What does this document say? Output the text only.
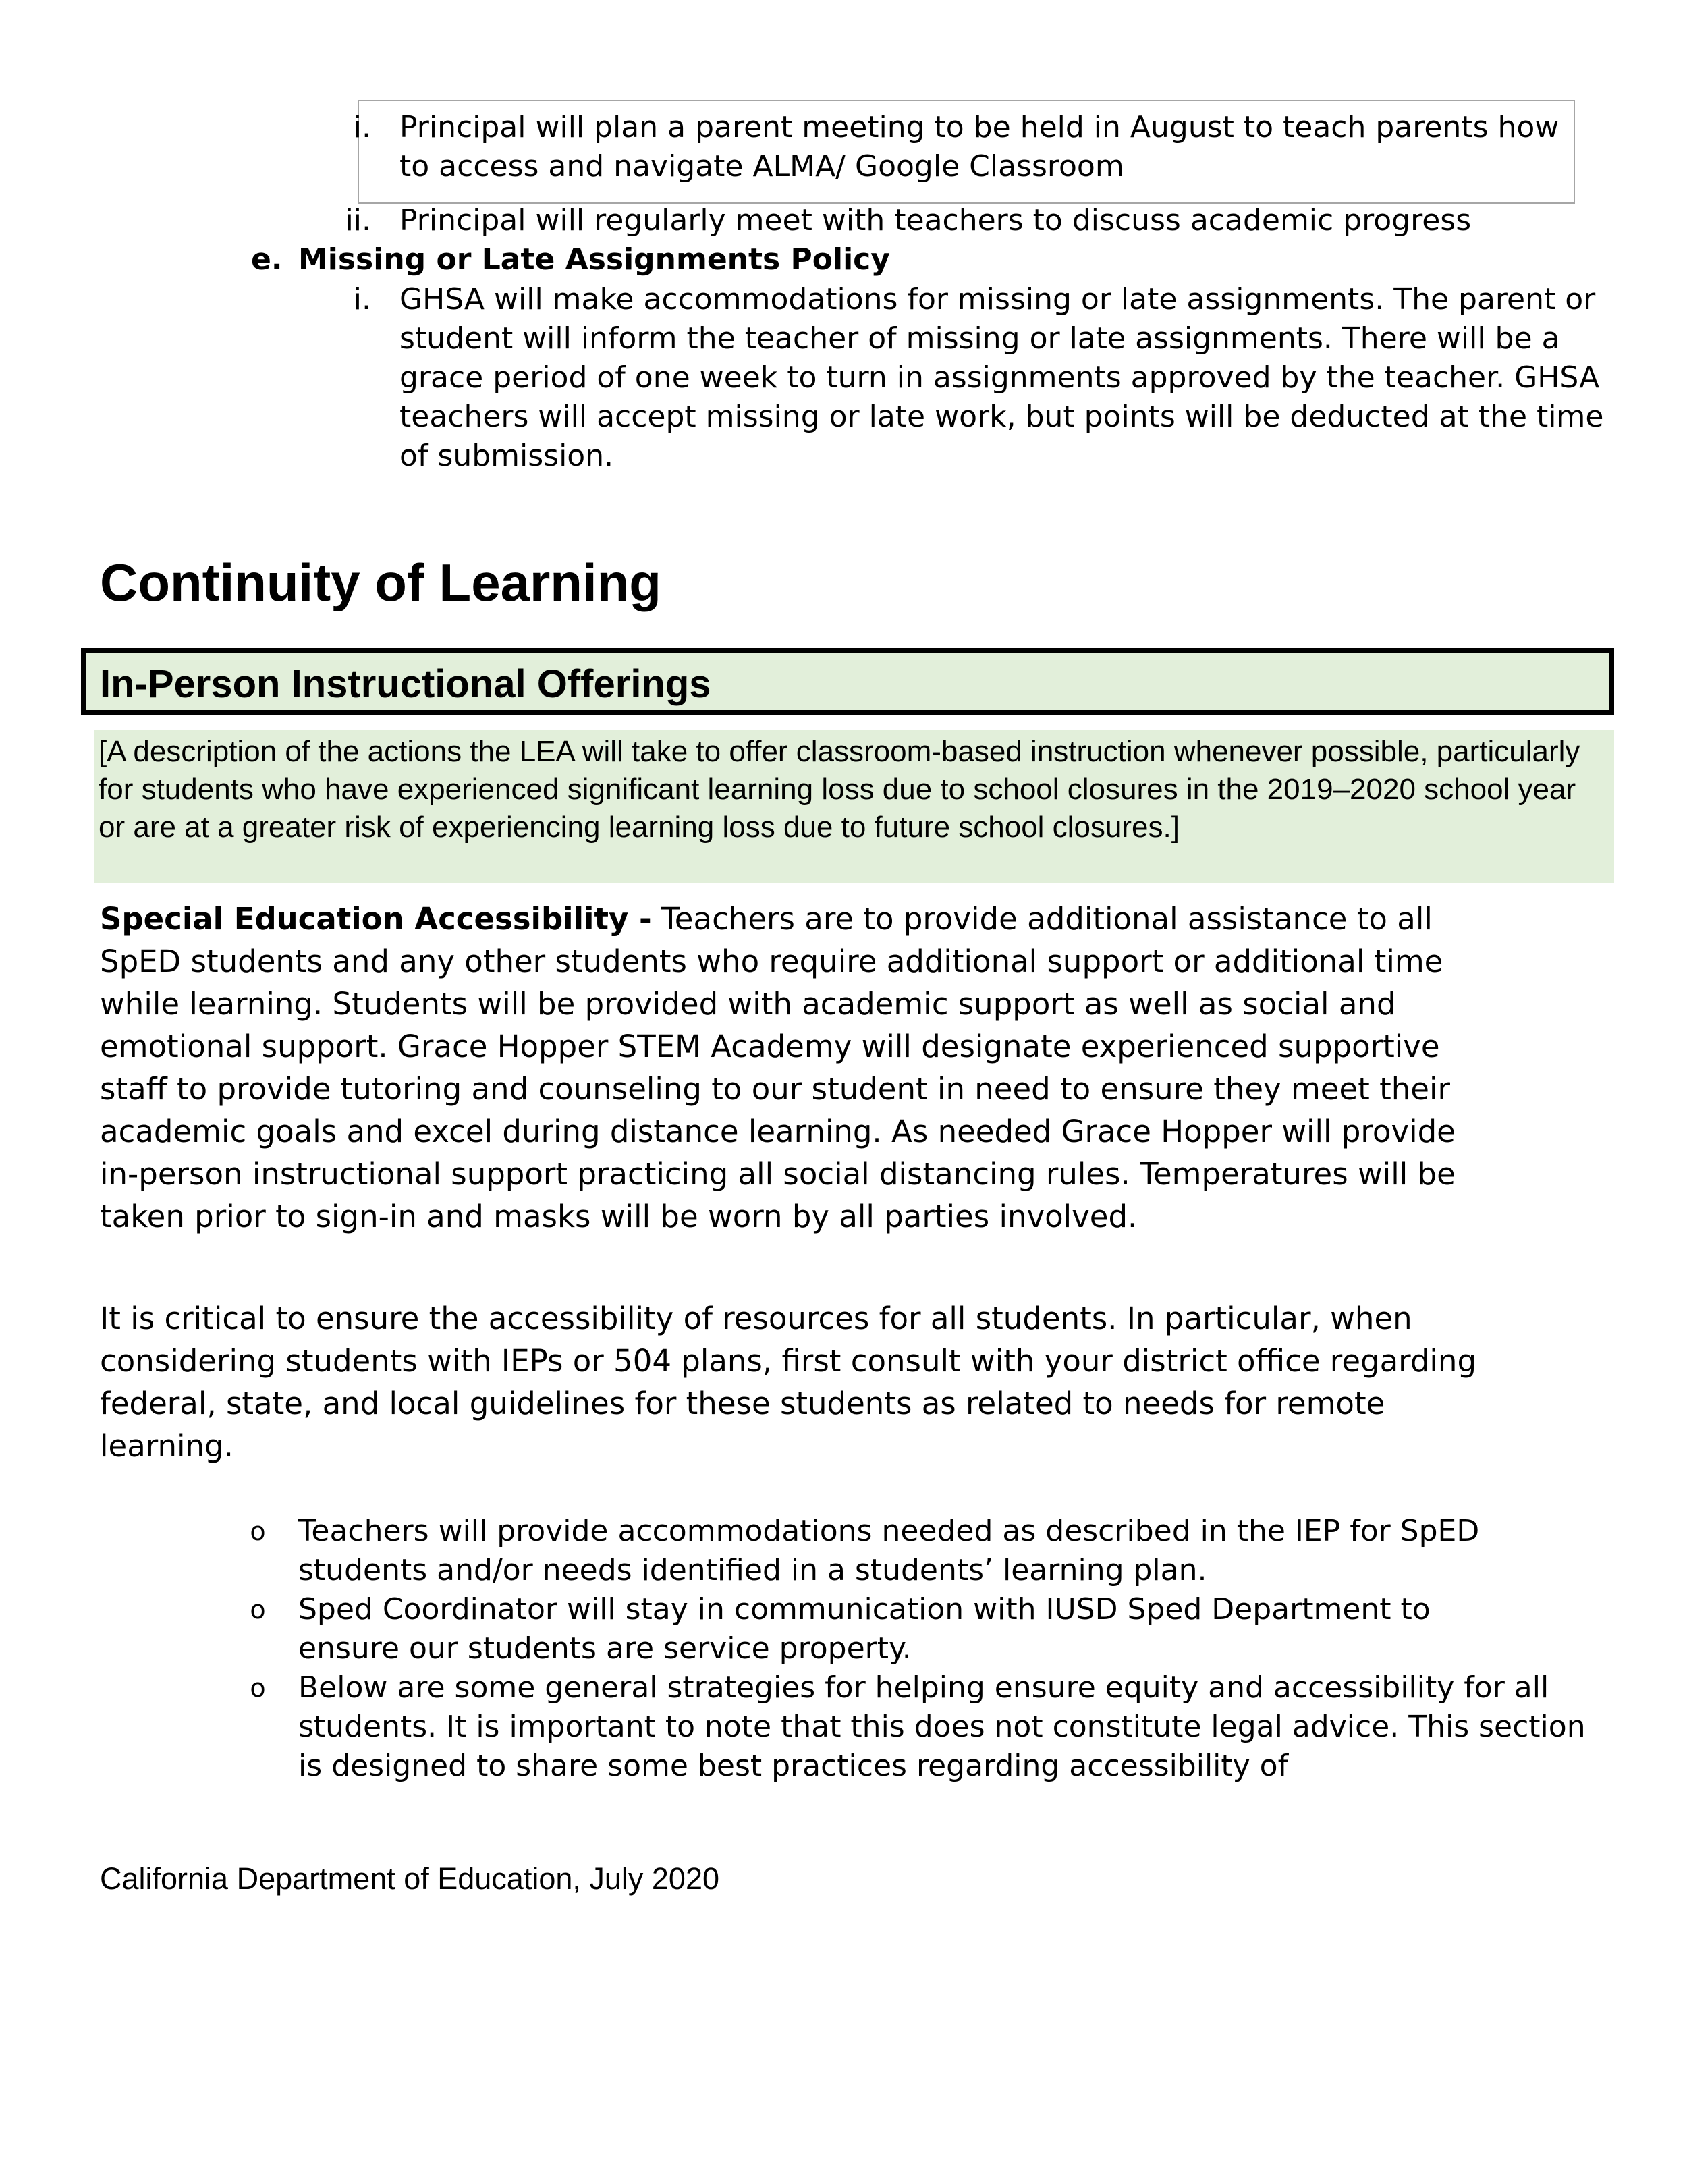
i. Principal will plan a parent meeting to be held in August to teach parents how to access and navigate ALMA/ Google Classroom
ii. Principal will regularly meet with teachers to discuss academic progress
e. Missing or Late Assignments Policy
i. GHSA will make accommodations for missing or late assignments. The parent or student will inform the teacher of missing or late assignments. There will be a grace period of one week to turn in assignments approved by the teacher. GHSA teachers will accept missing or late work, but points will be deducted at the time of submission.
Continuity of Learning
In-Person Instructional Offerings
[A description of the actions the LEA will take to offer classroom-based instruction whenever possible, particularly for students who have experienced significant learning loss due to school closures in the 2019–2020 school year or are at a greater risk of experiencing learning loss due to future school closures.]
Special Education Accessibility - Teachers are to provide additional assistance to all SpED students and any other students who require additional support or additional time while learning. Students will be provided with academic support as well as social and emotional support. Grace Hopper STEM Academy will designate experienced supportive staff to provide tutoring and counseling to our student in need to ensure they meet their academic goals and excel during distance learning. As needed Grace Hopper will provide in-person instructional support practicing all social distancing rules. Temperatures will be taken prior to sign-in and masks will be worn by all parties involved.
It is critical to ensure the accessibility of resources for all students. In particular, when considering students with IEPs or 504 plans, first consult with your district office regarding federal, state, and local guidelines for these students as related to needs for remote learning.
o Teachers will provide accommodations needed as described in the IEP for SpED students and/or needs identified in a students’ learning plan.
o Sped Coordinator will stay in communication with IUSD Sped Department to ensure our students are service property.
o Below are some general strategies for helping ensure equity and accessibility for all students. It is important to note that this does not constitute legal advice. This section is designed to share some best practices regarding accessibility of
California Department of Education, July 2020
